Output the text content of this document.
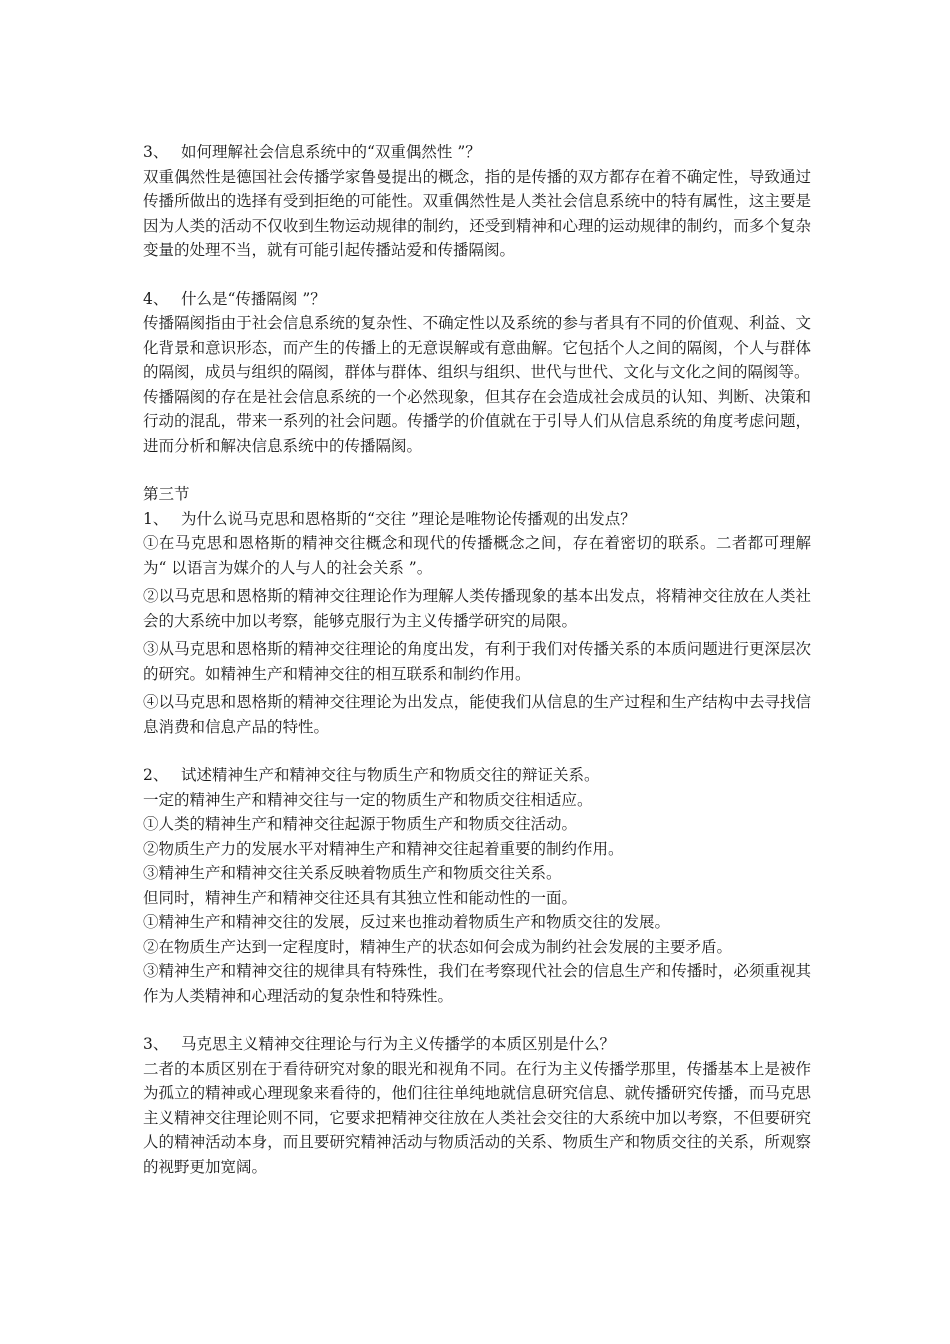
3、 如何理解社会信息系统中的“双重偶然性 ”？

双重偶然性是德国社会传播学家鲁曼提出的概念，指的是传播的双方都存在着不确定性，导致通过传播所做出的选择有受到拒绝的可能性。双重偶然性是人类社会信息系统中的特有属性，这主要是因为人类的活动不仅收到生物运动规律的制约，还受到精神和心理的运动规律的制约，而多个复杂变量的处理不当，就有可能引起传播站爱和传播隔阂。

4、 什么是“传播隔阂 ”？

传播隔阂指由于社会信息系统的复杂性、不确定性以及系统的参与者具有不同的价值观、利益、文化背景和意识形态，而产生的传播上的无意误解或有意曲解。它包括个人之间的隔阂，个人与群体的隔阂，成员与组织的隔阂，群体与群体、组织与组织、世代与世代、文化与文化之间的隔阂等。

传播隔阂的存在是社会信息系统的一个必然现象，但其存在会造成社会成员的认知、判断、决策和行动的混乱，带来一系列的社会问题。传播学的价值就在于引导人们从信息系统的角度考虑问题，进而分析和解决信息系统中的传播隔阂。

第三节

1、 为什么说马克思和恩格斯的“交往 ”理论是唯物论传播观的出发点？

①在马克思和恩格斯的精神交往概念和现代的传播概念之间，存在着密切的联系。二者都可理解为“ 以语言为媒介的人与人的社会关系 ”。

②以马克思和恩格斯的精神交往理论作为理解人类传播现象的基本出发点，将精神交往放在人类社会的大系统中加以考察，能够克服行为主义传播学研究的局限。

③从马克思和恩格斯的精神交往理论的角度出发，有利于我们对传播关系的本质问题进行更深层次的研究。如精神生产和精神交往的相互联系和制约作用。

④以马克思和恩格斯的精神交往理论为出发点，能使我们从信息的生产过程和生产结构中去寻找信息消费和信息产品的特性。

2、 试述精神生产和精神交往与物质生产和物质交往的辩证关系。

一定的精神生产和精神交往与一定的物质生产和物质交往相适应。

①人类的精神生产和精神交往起源于物质生产和物质交往活动。

②物质生产力的发展水平对精神生产和精神交往起着重要的制约作用。

③精神生产和精神交往关系反映着物质生产和物质交往关系。

但同时，精神生产和精神交往还具有其独立性和能动性的一面。

①精神生产和精神交往的发展，反过来也推动着物质生产和物质交往的发展。

②在物质生产达到一定程度时，精神生产的状态如何会成为制约社会发展的主要矛盾。

③精神生产和精神交往的规律具有特殊性，我们在考察现代社会的信息生产和传播时，必须重视其作为人类精神和心理活动的复杂性和特殊性。

3、 马克思主义精神交往理论与行为主义传播学的本质区别是什么？

二者的本质区别在于看待研究对象的眼光和视角不同。在行为主义传播学那里，传播基本上是被作为孤立的精神或心理现象来看待的，他们往往单纯地就信息研究信息、就传播研究传播，而马克思主义精神交往理论则不同，它要求把精神交往放在人类社会交往的大系统中加以考察，不但要研究人的精神活动本身，而且要研究精神活动与物质活动的关系、物质生产和物质交往的关系，所观察的视野更加宽阔。
